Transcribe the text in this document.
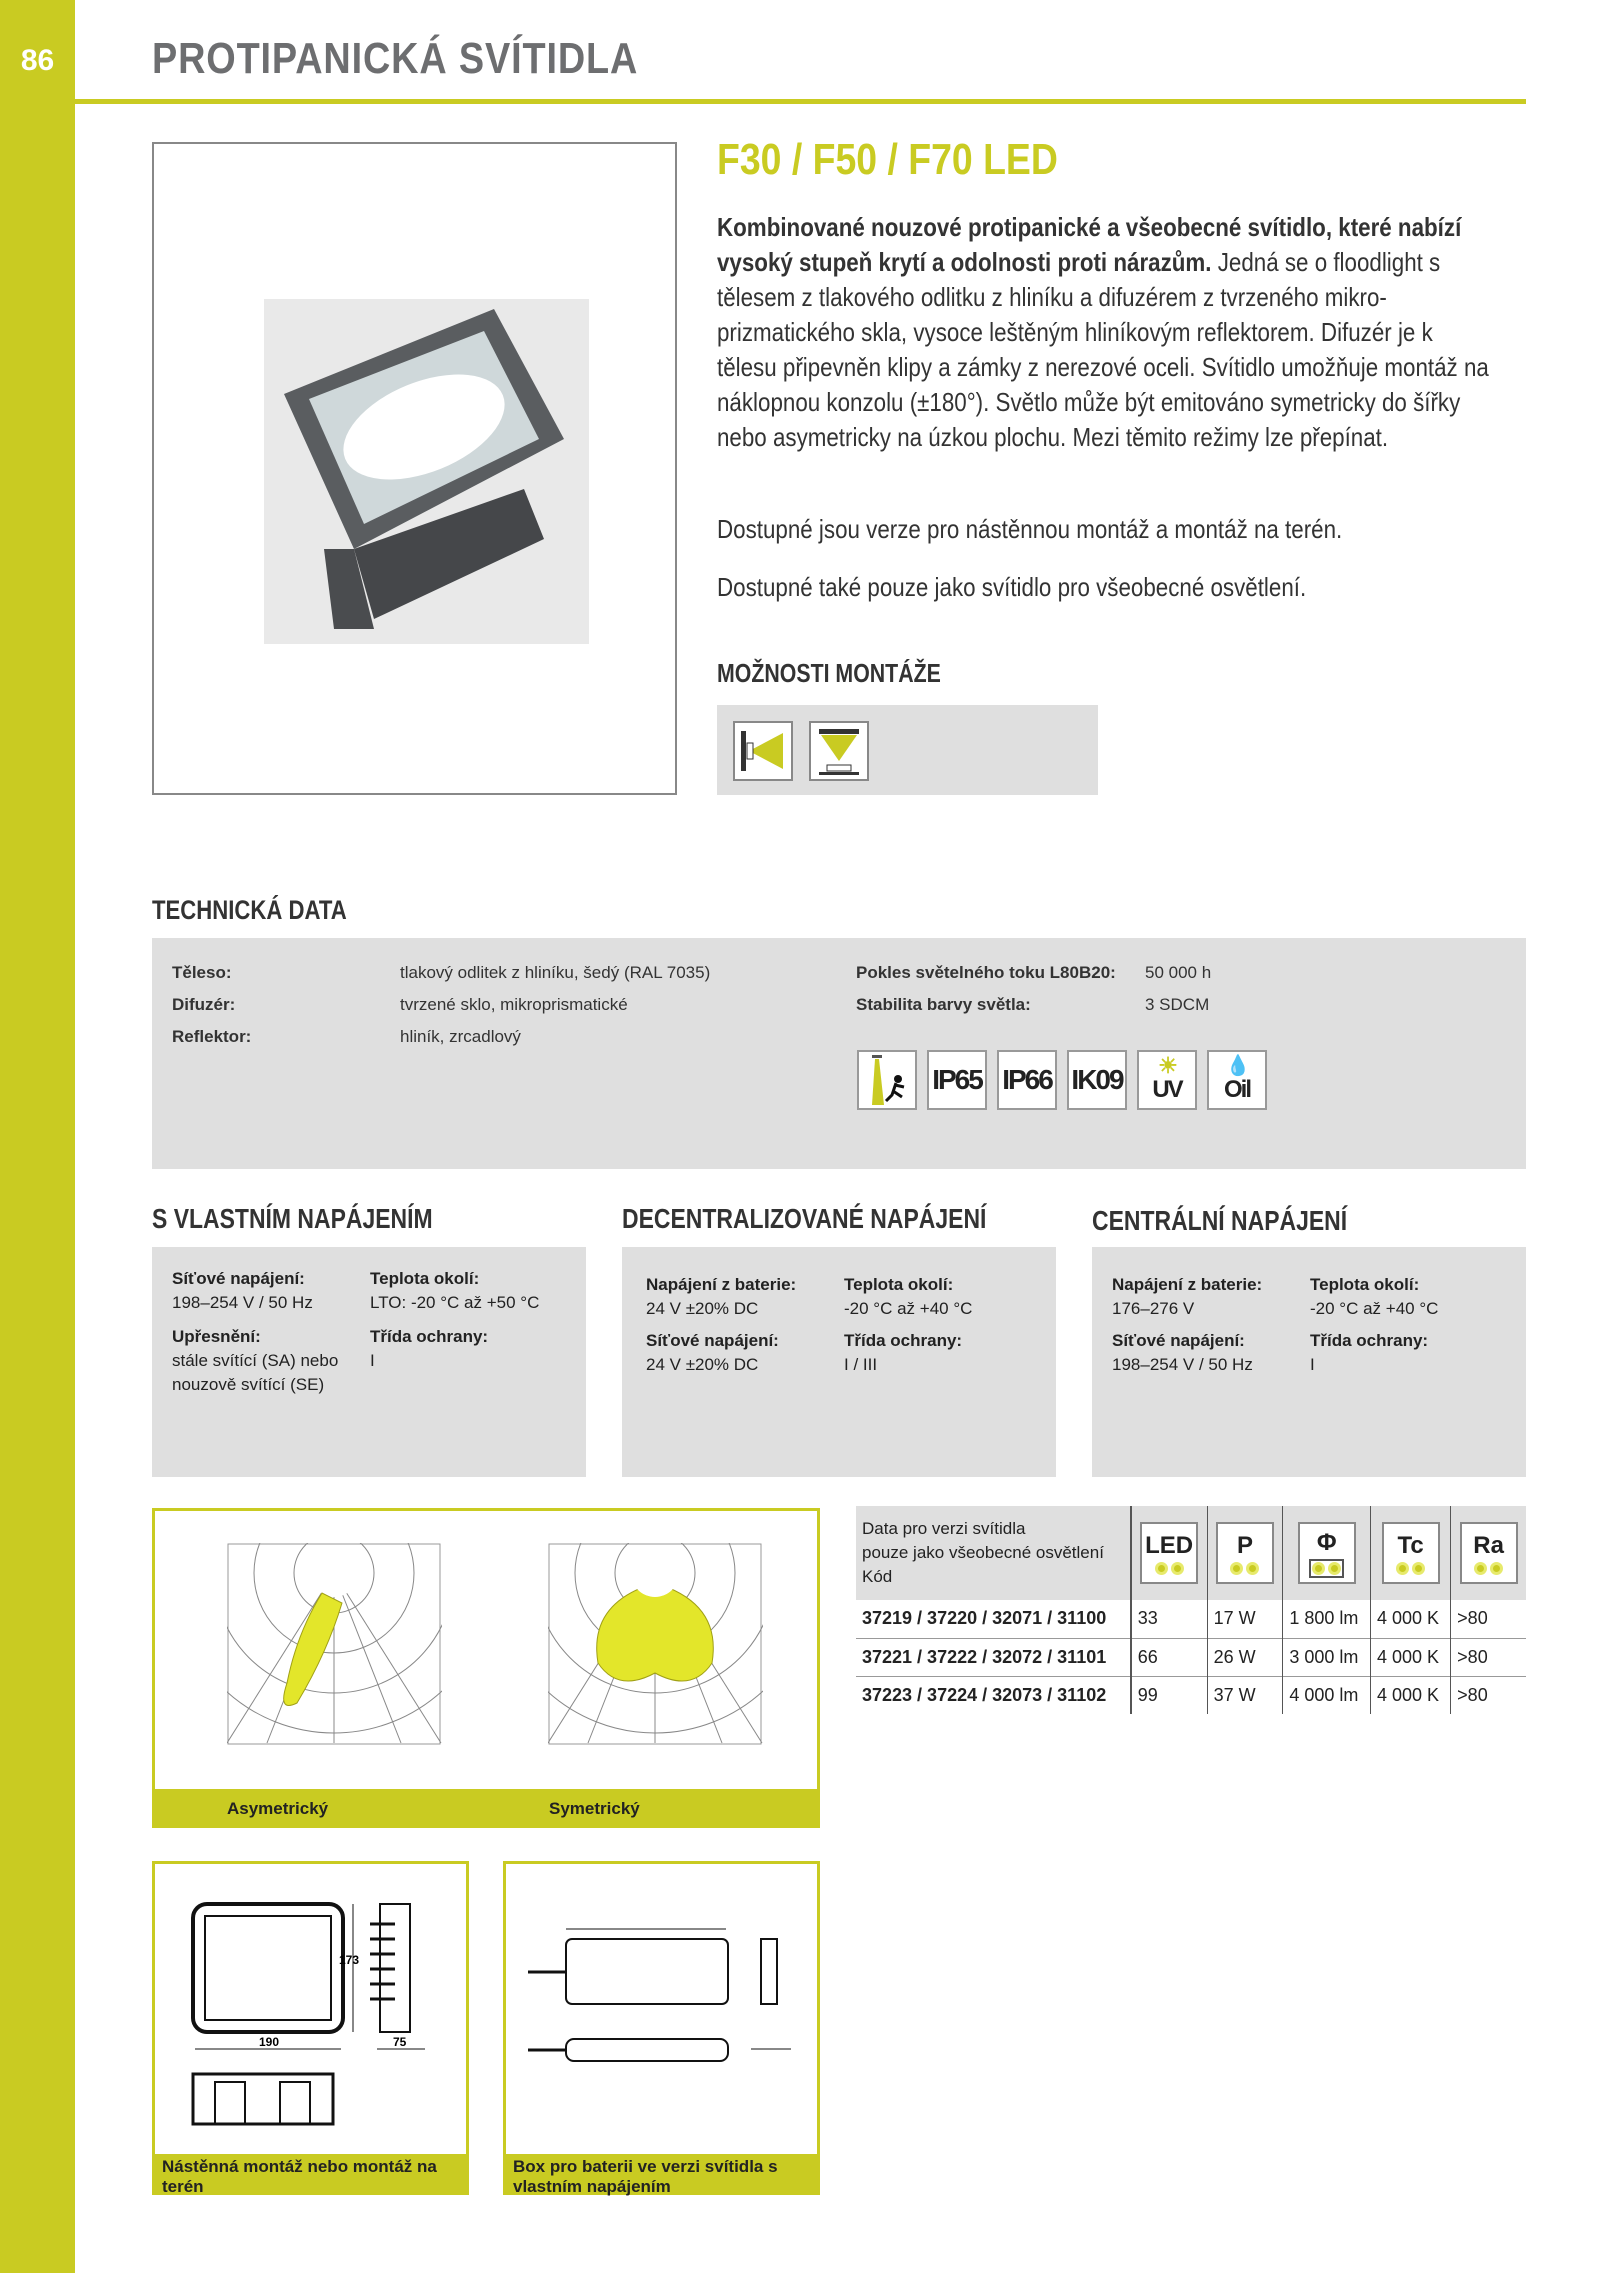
86	PROTIPANICKÁ SVÍTIDLA
F30 / F50 / F70 LED
Kombinované nouzové protipanické a všeobecné svítidlo, které nabízí vysoký stupeň krytí a odolnosti proti nárazům. Jedná se o floodlight s tělesem z tlakového odlitku z hliníku a difuzérem z tvrzeného mikro-prizmatického skla, vysoce leštěným hliníkovým reflektorem. Difuzér je k tělesu připevněn klipy a zámky z nerezové oceli. Svítidlo umožňuje montáž na náklopnou konzolu (±180°). Světlo může být emitováno symetricky do šířky nebo asymetricky na úzkou plochu. Mezi těmito režimy lze přepínat.
Dostupné jsou verze pro nástěnnou montáž a montáž na terén.
Dostupné také pouze jako svítidlo pro všeobecné osvětlení.
MOŽNOSTI MONTÁŽE
TECHNICKÁ DATA
Těleso:	tlakový odlitek z hliníku, šedý (RAL 7035)
Difuzér:	tvrzené sklo, mikroprismatické
Reflektor:	hliník, zrcadlový
Pokles světelného toku L80B20: 50 000 h
Stabilita barvy světla:	3 SDCM
IP65 IP66 IK09 ☀
UV
💧
Oil
S VLASTNÍM NAPÁJENÍM	DECENTRALIZOVANÉ NAPÁJENÍ	CENTRÁLNÍ NAPÁJENÍ
Síťové napájení:
198–254 V / 50 Hz
Teplota okolí:
LTO: -20 °C až +50 °C
Upřesnění:
stále svítící (SA) nebo nouzově svítící (SE)
Třída ochrany:
I
Napájení z baterie:
24 V ±20% DC
Teplota okolí:
-20 °C až +40 °C
Síťové napájení:
24 V ±20% DC
Třída ochrany:
I / III
Napájení z baterie:
176–276 V
Teplota okolí:
-20 °C až +40 °C
Síťové napájení:
198–254 V / 50 Hz
Třída ochrany:
I
Asymetrický	Symetrický
Data pro verzi svítidla
pouze jako všeobecné osvětlení
Kód	LED	P	Φ	Tc	Ra

37219 / 37220 / 32071 / 31100	33	17 W	1 800 lm	4 000 K	>80
37221 / 37222 / 32072 / 31101	66	26 W	3 000 lm	4 000 K	>80
37223 / 37224 / 32073 / 31102	99	37 W	4 000 lm	4 000 K	>80
190
173
75
Nástěnná montáž nebo montáž na terén
Box pro baterii ve verzi svítidla s vlastním napájením
